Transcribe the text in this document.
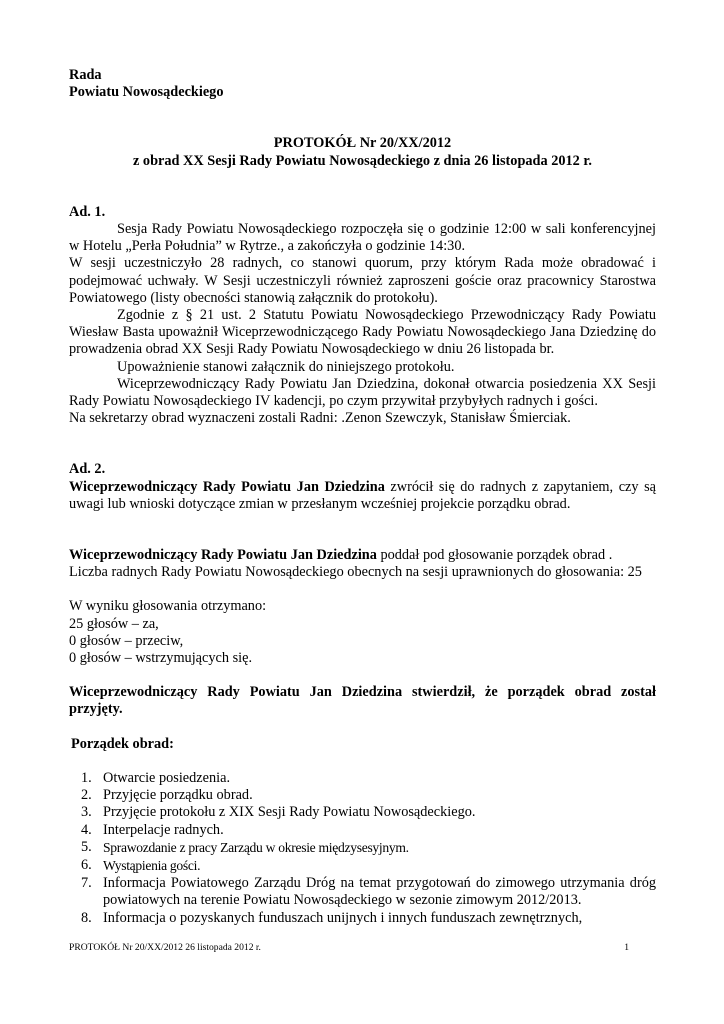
Rada

Powiatu Nowosądeckiego

PROTOKÓŁ Nr 20/XX/2012

z obrad XX Sesji Rady Powiatu Nowosądeckiego z dnia 26 listopada 2012 r.

Ad. 1.

Sesja Rady Powiatu Nowosądeckiego rozpoczęła się o godzinie 12:00 w sali konferencyjnej w Hotelu „Perła Południa” w Rytrze., a zakończyła o godzinie 14:30.

W sesji uczestniczyło 28 radnych, co stanowi quorum, przy którym Rada może obradować i podejmować uchwały. W Sesji uczestniczyli również zaproszeni goście oraz pracownicy Starostwa Powiatowego (listy obecności stanowią załącznik do protokołu).

Zgodnie z § 21 ust. 2 Statutu Powiatu Nowosądeckiego Przewodniczący Rady Powiatu Wiesław Basta upoważnił Wiceprzewodniczącego Rady Powiatu Nowosądeckiego Jana Dziedzinę do prowadzenia obrad XX Sesji Rady Powiatu Nowosądeckiego w dniu 26 listopada br.

Upoważnienie stanowi załącznik do niniejszego protokołu.

Wiceprzewodniczący Rady Powiatu Jan Dziedzina, dokonał otwarcia posiedzenia XX Sesji Rady Powiatu Nowosądeckiego IV kadencji, po czym przywitał przybyłych radnych i gości.

Na sekretarzy obrad wyznaczeni zostali Radni: .Zenon Szewczyk, Stanisław Śmierciak.

Ad. 2.

Wiceprzewodniczący Rady Powiatu Jan Dziedzina zwrócił się do radnych z zapytaniem, czy są uwagi lub wnioski dotyczące zmian w przesłanym wcześniej projekcie porządku obrad.

Wiceprzewodniczący Rady Powiatu Jan Dziedzina poddał pod głosowanie porządek obrad .

Liczba radnych Rady Powiatu Nowosądeckiego obecnych na sesji uprawnionych do głosowania: 25

W wyniku głosowania otrzymano:

25 głosów – za,

0 głosów – przeciw,

0 głosów – wstrzymujących się.

Wiceprzewodniczący Rady Powiatu Jan Dziedzina stwierdził, że porządek obrad został przyjęty.

Porządek obrad:

1. Otwarcie posiedzenia.
2. Przyjęcie porządku obrad.
3. Przyjęcie protokołu z XIX Sesji Rady Powiatu Nowosądeckiego.
4. Interpelacje radnych.
5. Sprawozdanie z pracy Zarządu w okresie międzysesyjnym.
6. Wystąpienia gości.
7. Informacja Powiatowego Zarządu Dróg na temat przygotowań do zimowego utrzymania dróg powiatowych na terenie Powiatu Nowosądeckiego w sezonie zimowym 2012/2013.
8. Informacja o pozyskanych funduszach unijnych i innych funduszach zewnętrznych,
PROTOKÓŁ Nr 20/XX/2012 26 listopada 2012 r.	1
